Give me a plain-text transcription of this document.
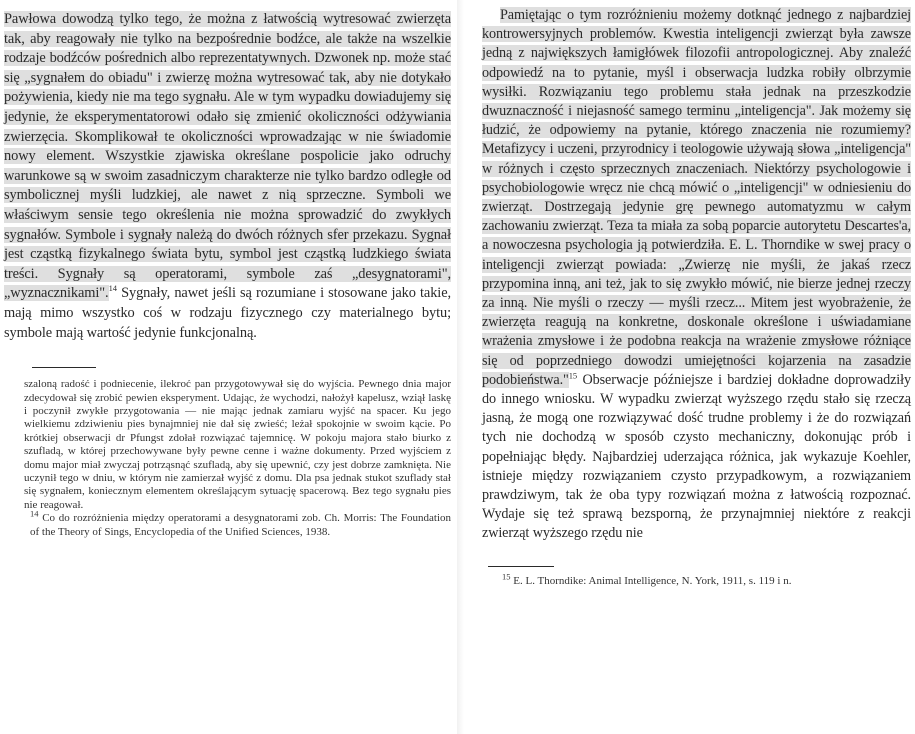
Pawłowa dowodzą tylko tego, że można z łatwością wytresować zwierzęta tak, aby reagowały nie tylko na bezpośrednie bodźce, ale także na wszelkie rodzaje bodźców pośrednich albo reprezentatywnych. Dzwonek np. może stać się „sygnałem do obiadu" i zwierzę można wytresować tak, aby nie dotykało pożywienia, kiedy nie ma tego sygnału. Ale w tym wypadku dowiadujemy się jedynie, że eksperymentatorowi odało się zmienić okoliczności odżywiania zwierzęcia. Skomplikował te okoliczności wprowadzając w nie świadomie nowy element. Wszystkie zjawiska określane pospolicie jako odruchy warunkowe są w swoim zasadniczym charakterze nie tylko bardzo odległe od symbolicznej myśli ludzkiej, ale nawet z nią sprzeczne. Symboli we właściwym sensie tego określenia nie można sprowadzić do zwykłych sygnałów. Symbole i sygnały należą do dwóch różnych sfer przekazu. Sygnał jest cząstką fizykalnego świata bytu, symbol jest cząstką ludzkiego świata treści. Sygnały są operatorami, symbole zaś „desygnatorami", „wyznacznikami".$^{14}$ Sygnały, nawet jeśli są rozumiane i stosowane jako takie, mają mimo wszystko coś w rodzaju fizycznego czy materialnego bytu; symbole mają wartość jedynie funkcjonalną.

szaloną radość i podniecenie, ilekroć pan przygotowywał się do wyjścia. Pewnego dnia major zdecydował się zrobić pewien eksperyment. Udając, że wychodzi, nałożył kapelusz, wziął laskę i poczynił zwykłe przygotowania — nie mając jednak zamiaru wyjść na spacer. Ku jego wielkiemu zdziwieniu pies bynajmniej nie dał się zwieść; leżał spokojnie w swoim kącie. Po krótkiej obserwacji dr Pfungst zdołał rozwiązać tajemnicę. W pokoju majora stało biurko z szufladą, w której przechowywane były pewne cenne i ważne dokumenty. Przed wyjściem z domu major miał zwyczaj potrząsnąć szufladą, aby się upewnić, czy jest dobrze zamknięta. Nie uczynił tego w dniu, w którym nie zamierzał wyjść z domu. Dla psa jednak stukot szuflady stał się sygnałem, koniecznym elementem określającym sytuację spacerową. Bez tego sygnału pies nie reagował.

$^{14}$ Co do rozróżnienia między operatorami a desygnatorami zob. Ch. Morris: The Foundation of the Theory of Sings, Encyclopedia of the Unified Sciences, 1938.

Pamiętając o tym rozróżnieniu możemy dotknąć jednego z najbardziej kontrowersyjnych problemów. Kwestia inteligencji zwierząt była zawsze jedną z największych łamigłówek filozofii antropologicznej. Aby znaleźć odpowiedź na to pytanie, myśl i obserwacja ludzka robiły olbrzymie wysiłki. Rozwiązaniu tego problemu stała jednak na przeszkodzie dwuznaczność i niejasność samego terminu „inteligencja". Jak możemy się łudzić, że odpowiemy na pytanie, którego znaczenia nie rozumiemy? Metafizycy i uczeni, przyrodnicy i teologowie używają słowa „inteligencja" w różnych i często sprzecznych znaczeniach. Niektórzy psychologowie i psychobiologowie wręcz nie chcą mówić o „inteligencji" w odniesieniu do zwierząt. Dostrzegają jedynie grę pewnego automatyzmu w całym zachowaniu zwierząt. Teza ta miała za sobą poparcie autorytetu Descartes'a, a nowoczesna psychologia ją potwierdziła. E. L. Thorndike w swej pracy o inteligencji zwierząt powiada: „Zwierzę nie myśli, że jakaś rzecz przypomina inną, ani też, jak to się zwykło mówić, nie bierze jednej rzeczy za inną. Nie myśli o rzeczy — myśli rzecz... Mitem jest wyobrażenie, że zwierzęta reagują na konkretne, doskonale określone i uświadamiane wrażenia zmysłowe i że podobna reakcja na wrażenie zmysłowe różniące się od poprzedniego dowodzi umiejętności kojarzenia na zasadzie podobieństwa."$^{15}$ Obserwacje późniejsze i bardziej dokładne doprowadziły do innego wniosku. W wypadku zwierząt wyższego rzędu stało się rzeczą jasną, że mogą one rozwiązywać dość trudne problemy i że do rozwiązań tych nie dochodzą w sposób czysto mechaniczny, dokonując prób i popełniając błędy. Najbardziej uderzająca różnica, jak wykazuje Koehler, istnieje między rozwiązaniem czysto przypadkowym, a rozwiązaniem prawdziwym, tak że oba typy rozwiązań można z łatwością rozpoznać. Wydaje się też sprawą bezsporną, że przynajmniej niektóre z reakcji zwierząt wyższego rzędu nie

$^{15}$ E. L. Thorndike: Animal Intelligence, N. York, 1911, s. 119 i n.
